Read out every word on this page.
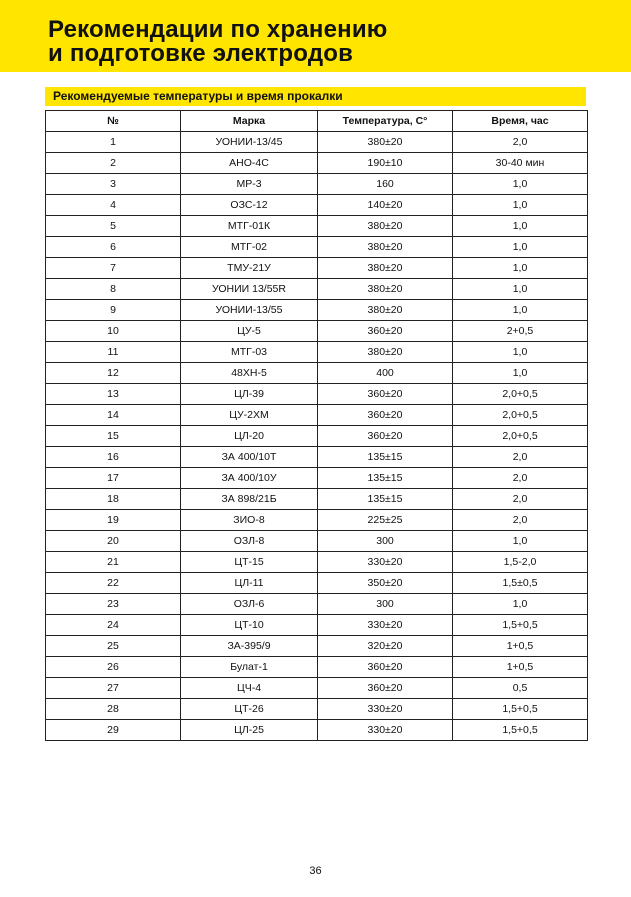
Рекомендации по хранению
и подготовке электродов
Рекомендуемые температуры и время прокалки
№	Марка	Температура, С°	Время, час
1	УОНИИ-13/45	380±20	2,0
2	АНО-4С	190±10	30-40 мин
3	МР-3	160	1,0
4	ОЗС-12	140±20	1,0
5	МТГ-01К	380±20	1,0
6	МТГ-02	380±20	1,0
7	ТМУ-21У	380±20	1,0
8	УОНИИ 13/55R	380±20	1,0
9	УОНИИ-13/55	380±20	1,0
10	ЦУ-5	360±20	2+0,5
11	МТГ-03	380±20	1,0
12	48ХН-5	400	1,0
13	ЦЛ-39	360±20	2,0+0,5
14	ЦУ-2ХМ	360±20	2,0+0,5
15	ЦЛ-20	360±20	2,0+0,5
16	ЗА 400/10Т	135±15	2,0
17	ЗА 400/10У	135±15	2,0
18	ЗА 898/21Б	135±15	2,0
19	ЗИО-8	225±25	2,0
20	ОЗЛ-8	300	1,0
21	ЦТ-15	330±20	1,5-2,0
22	ЦЛ-11	350±20	1,5±0,5
23	ОЗЛ-6	300	1,0
24	ЦТ-10	330±20	1,5+0,5
25	ЗА-395/9	320±20	1+0,5
26	Булат-1	360±20	1+0,5
27	ЦЧ-4	360±20	0,5
28	ЦТ-26	330±20	1,5+0,5
29	ЦЛ-25	330±20	1,5+0,5
36
